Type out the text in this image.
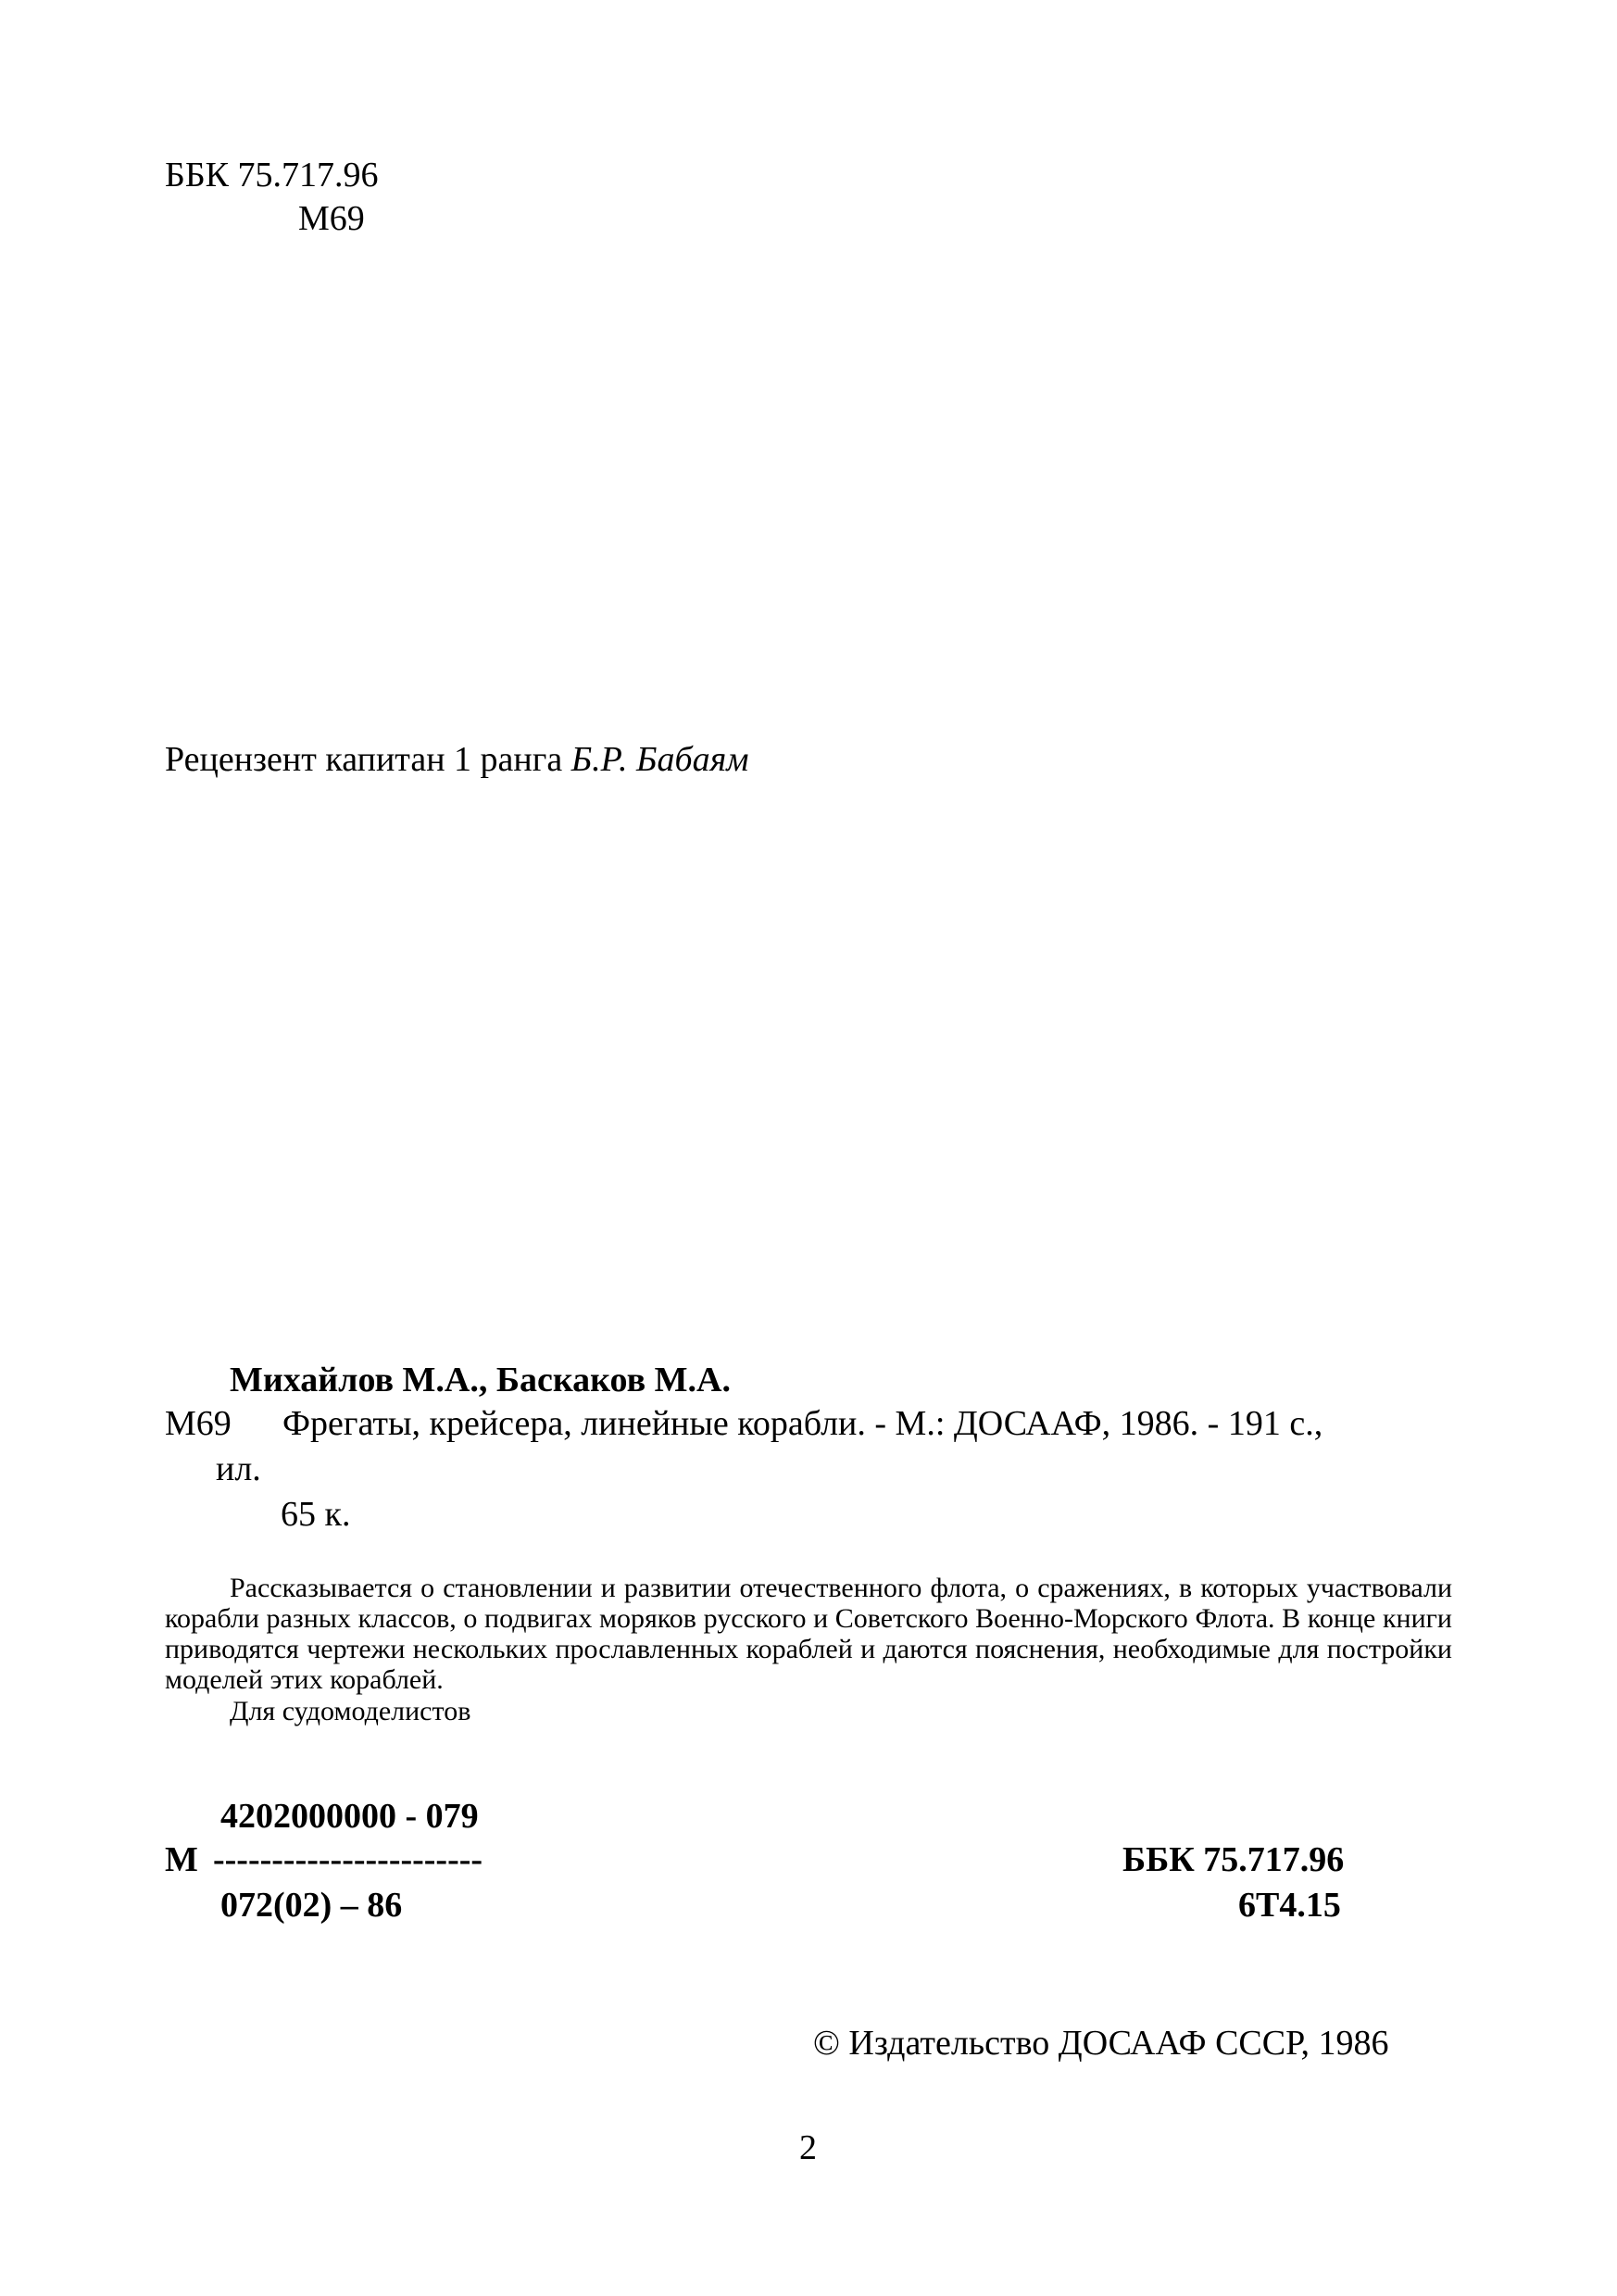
ББК 75.717.96
М69
Рецензент капитан 1 ранга Б.Р. Бабаям
Михайлов М.А., Баскаков М.А.
М69 Фрегаты, крейсера, линейные корабли. - М.: ДОСААФ, 1986. - 191 с.,
ил.
65 к.
Рассказывается о становлении и развитии отечественного флота, о сражениях, в которых участвовали корабли разных классов, о подвигах моряков русского и Советского Военно-Морского Флота. В конце книги приводятся чертежи нескольких прославленных кораблей и даются пояснения, необходимые для постройки моделей этих кораблей.
Для судомоделистов
4202000000 - 079
М -----------------------
072(02) – 86
ББК 75.717.96
6Т4.15
© Издательство ДОСААФ СССР, 1986
2
